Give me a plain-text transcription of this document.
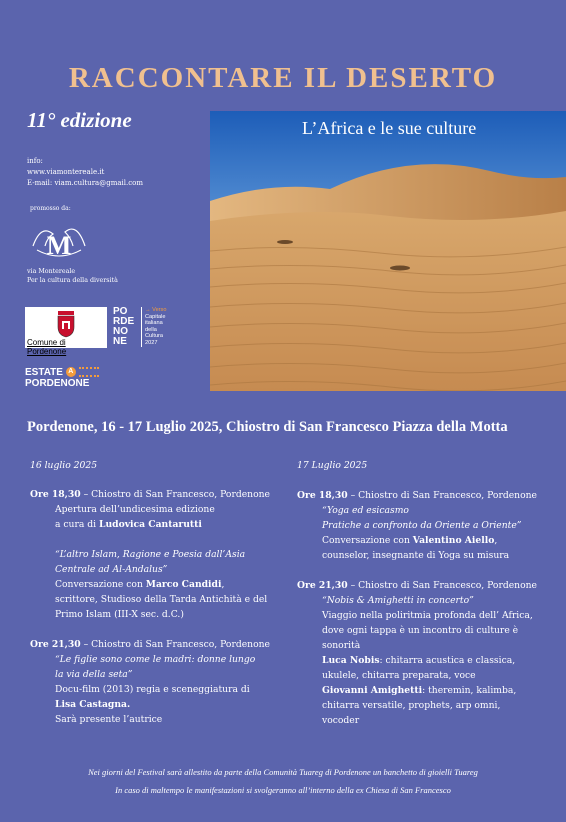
RACCONTARE IL DESERTO
11° edizione
info:
www.viamontereale.it
E-mail: viam.cultura@gmail.com
promosso da:
M
via Montereale
Per la cultura della diversità
Comune di Pordenone
PO
RDE
NO
NE
→ Verso
Capitale
italiana
della
Cultura
2027
ESTATE A
PORDENONE
L’Africa e le sue culture
Pordenone, 16 - 17 Luglio 2025, Chiostro di San Francesco Piazza della Motta

16 luglio 2025

Ore 18,30 – Chiostro di San Francesco, Pordenone

Apertura dell’undicesima edizione

a cura di Ludovica Cantarutti

“L’altro Islam, Ragione e Poesia dall’Asia

Centrale ad Al-Andalus”

Conversazione con Marco Candidi,

scrittore, Studioso della Tarda Antichità e del

Primo Islam (III-X sec. d.C.)

Ore 21,30 – Chiostro di San Francesco, Pordenone

“Le figlie sono come le madri: donne lungo

la via della seta”

Docu-film (2013) regia e sceneggiatura di

Lisa Castagna.

Sarà presente l’autrice

17 Luglio 2025

Ore 18,30 – Chiostro di San Francesco, Pordenone

“Yoga ed esicasmo

Pratiche a confronto da Oriente a Oriente”

Conversazione con Valentino Aiello,

counselor, insegnante di Yoga su misura

Ore 21,30 – Chiostro di San Francesco, Pordenone

“Nobis & Amighetti in concerto”

Viaggio nella poliritmia profonda dell’ Africa,

dove ogni tappa è un incontro di culture è

sonorità

Luca Nobis: chitarra acustica e classica,

ukulele, chitarra preparata, voce

Giovanni Amighetti: theremin, kalimba,

chitarra versatile, prophets, arp omni,

vocoder

Nei giorni del Festival sarà allestito da parte della Comunità Tuareg di Pordenone un banchetto di gioielli Tuareg
In caso di maltempo le manifestazioni si svolgeranno all’interno della ex Chiesa di San Francesco
